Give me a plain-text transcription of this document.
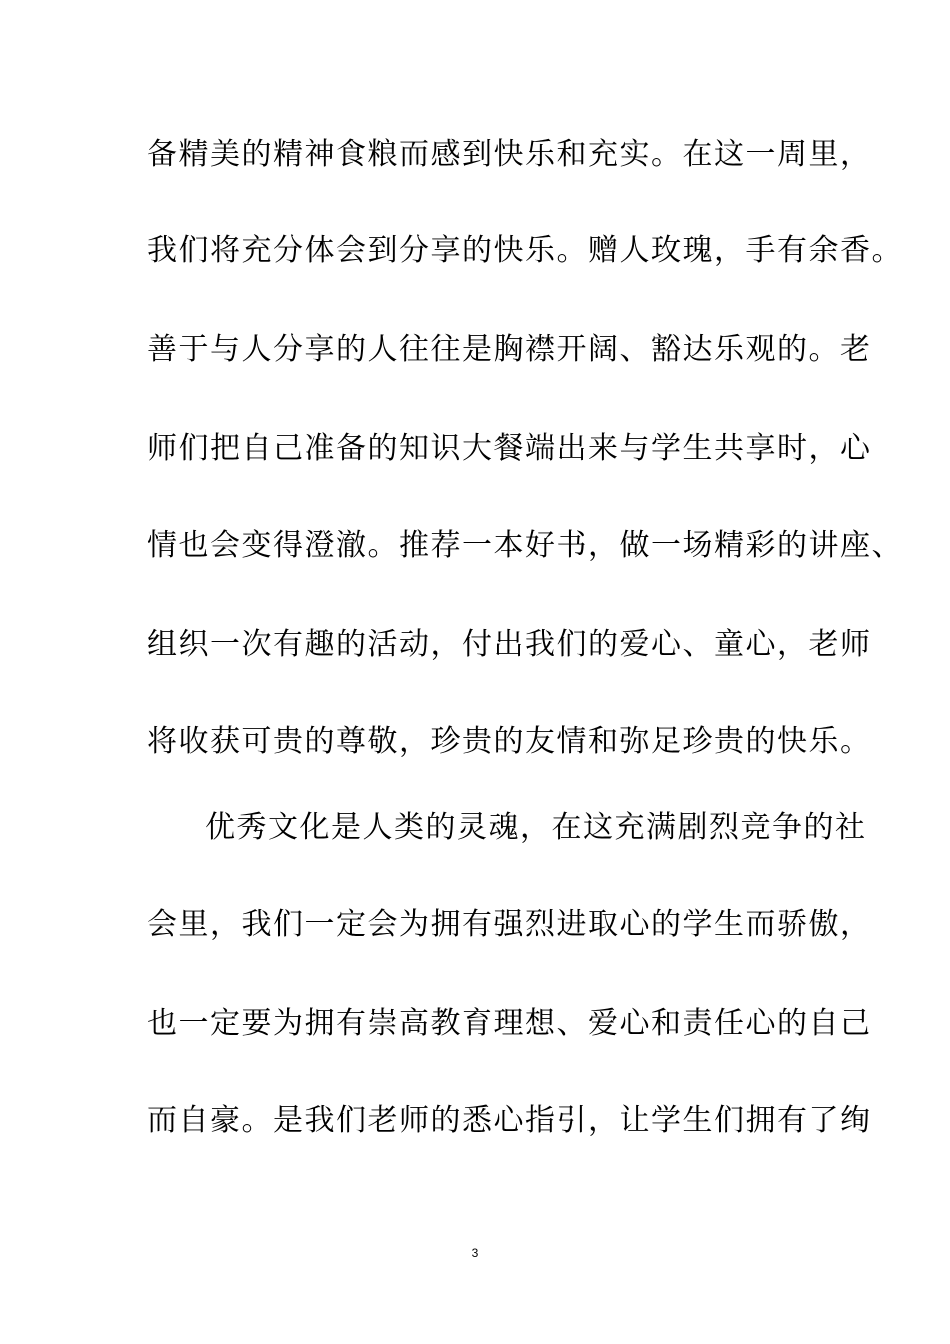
备精美的精神食粮而感到快乐和充实。在这一周里，
我们将充分体会到分享的快乐。赠人玫瑰，手有余香。
善于与人分享的人往往是胸襟开阔、豁达乐观的。老
师们把自己准备的知识大餐端出来与学生共享时，心
情也会变得澄澈。推荐一本好书，做一场精彩的讲座、
组织一次有趣的活动，付出我们的爱心、童心，老师
将收获可贵的尊敬，珍贵的友情和弥足珍贵的快乐。
优秀文化是人类的灵魂，在这充满剧烈竞争的社
会里，我们一定会为拥有强烈进取心的学生而骄傲，
也一定要为拥有崇高教育理想、爱心和责任心的自己
而自豪。是我们老师的悉心指引，让学生们拥有了绚
3
